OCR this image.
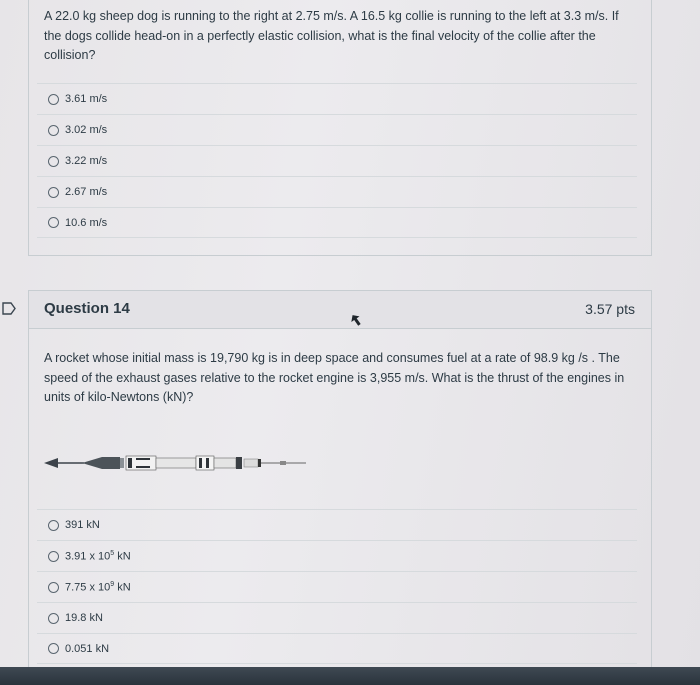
A 22.0 kg sheep dog is running to the right at 2.75 m/s. A 16.5 kg collie is running to the left at 3.3 m/s. If the dogs collide head-on in a perfectly elastic collision, what is the final velocity of the collie after the collision?

3.61 m/s
3.02 m/s
3.22 m/s
2.67 m/s
10.6 m/s
Question 14	3.57 pts

A rocket whose initial mass is 19,790 kg is in deep space and consumes fuel at a rate of 98.9 kg /s . The speed of the exhaust gases relative to the rocket engine is 3,955 m/s. What is the thrust of the engines in units of kilo-Newtons (kN)?

391 kN
3.91 x $10^5$ kN
7.75 x $10^9$ kN
19.8 kN
0.051 kN
